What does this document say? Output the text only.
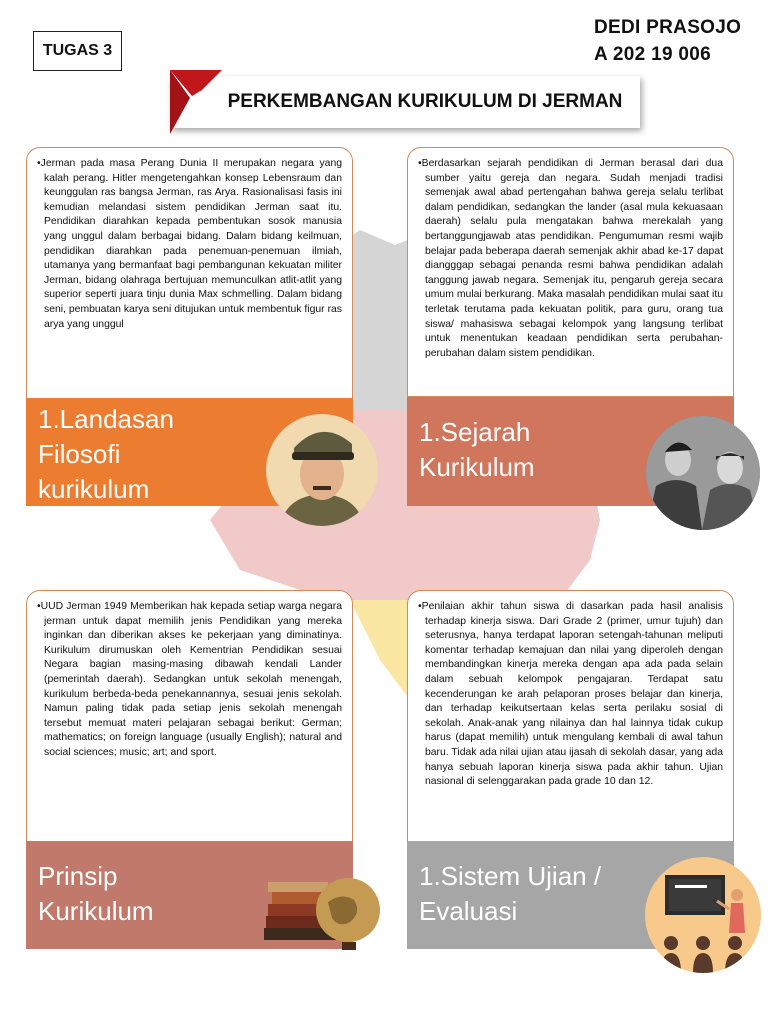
TUGAS 3
DEDI PRASOJO
A 202 19 006
PERKEMBANGAN KURIKULUM DI JERMAN

•Jerman pada masa Perang Dunia II merupakan negara yang kalah perang. Hitler mengetengahkan konsep Lebensraum dan keunggulan ras bangsa Jerman, ras Arya. Rasionalisasi fasis ini kemudian melandasi sistem pendidikan Jerman saat itu. Pendidikan diarahkan kepada pembentukan sosok manusia yang unggul dalam berbagai bidang. Dalam bidang keilmuan, pendidikan diarahkan pada penemuan-penemuan ilmiah, utamanya yang bermanfaat bagi pembangunan kekuatan militer Jerman, bidang olahraga bertujuan memunculkan atlit-atlit yang superior seperti juara tinju dunia Max schmelling. Dalam bidang seni, pembuatan karya seni ditujukan untuk membentuk figur ras arya yang unggul

1.Landasan
Filosofi
kurikulum

•Berdasarkan sejarah pendidikan di Jerman berasal dari dua sumber yaitu gereja dan negara. Sudah menjadi tradisi semenjak awal abad pertengahan bahwa gereja selalu terlibat dalam pendidikan, sedangkan the lander (asal mula kekuasaan daerah) selalu pula mengatakan bahwa merekalah yang bertanggungjawab atas pendidikan. Pengumuman resmi wajib belajar pada beberapa daerah semenjak akhir abad ke-17 dapat diangggap sebagai penanda resmi bahwa pendidikan adalah tanggung jawab negara. Semenjak itu, pengaruh gereja secara umum mulai berkurang. Maka masalah pendidikan mulai saat itu terletak terutama pada kekuatan politik, para guru, orang tua siswa/ mahasiswa sebagai kelompok yang langsung terlibat untuk menentukan keadaan pendidikan serta perubahan-perubahan dalam sistem pendidikan.

1.Sejarah
Kurikulum

•UUD Jerman 1949 Memberikan hak kepada setiap warga negara jerman untuk dapat memilih jenis Pendidikan yang mereka inginkan dan diberikan akses ke pekerjaan yang diminatinya. Kurikulum dirumuskan oleh Kementrian Pendidikan sesuai Negara bagian masing-masing dibawah kendali Lander (pemerintah daerah). Sedangkan untuk sekolah menengah, kurikulum berbeda-beda penekannannya, sesuai jenis sekolah. Namun paling tidak pada setiap jenis sekolah menengah tersebut memuat materi pelajaran sebagai berikut: German; mathematics; on foreign language (usually English); natural and social sciences; music; art; and sport.

Prinsip
Kurikulum

•Penilaian akhir tahun siswa di dasarkan pada hasil analisis terhadap kinerja siswa. Dari Grade 2 (primer, umur tujuh) dan seterusnya, hanya terdapat laporan setengah-tahunan meliputi komentar terhadap kemajuan dan nilai yang diperoleh dengan membandingkan kinerja mereka dengan apa ada pada selain dalam sebuah kelompok pengajaran. Terdapat satu kecenderungan ke arah pelaporan proses belajar dan kinerja, dan terhadap keikutsertaan kelas serta perilaku sosial di sekolah. Anak-anak yang nilainya dan hal lainnya tidak cukup harus (dapat memilih) untuk mengulang kembali di awal tahun baru. Tidak ada nilai ujian atau ijasah di sekolah dasar, yang ada hanya sebuah laporan kinerja siswa pada akhir tahun. Ujian nasional di selenggarakan pada grade 10 dan 12.

1.Sistem Ujian /
Evaluasi
